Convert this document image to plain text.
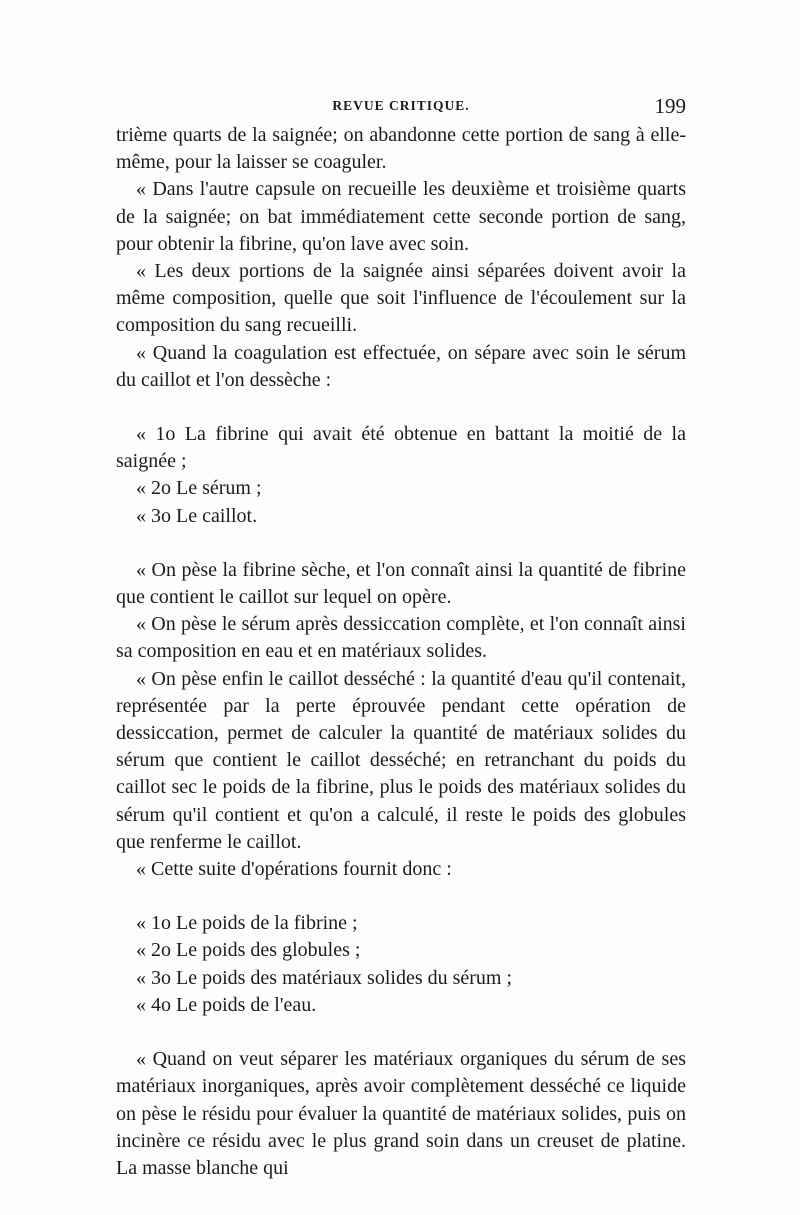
REVUE CRITIQUE.	199

trième quarts de la saignée; on abandonne cette portion de sang à elle-même, pour la laisser se coaguler.

« Dans l'autre capsule on recueille les deuxième et troisième quarts de la saignée; on bat immédiatement cette seconde portion de sang, pour obtenir la fibrine, qu'on lave avec soin.

« Les deux portions de la saignée ainsi séparées doivent avoir la même composition, quelle que soit l'influence de l'écoulement sur la composition du sang recueilli.

« Quand la coagulation est effectuée, on sépare avec soin le sérum du caillot et l'on dessèche :

« 1o La fibrine qui avait été obtenue en battant la moitié de la saignée ;

« 2o Le sérum ;

« 3o Le caillot.

« On pèse la fibrine sèche, et l'on connaît ainsi la quantité de fibrine que contient le caillot sur lequel on opère.

« On pèse le sérum après dessiccation complète, et l'on connaît ainsi sa composition en eau et en matériaux solides.

« On pèse enfin le caillot desséché : la quantité d'eau qu'il contenait, représentée par la perte éprouvée pendant cette opération de dessiccation, permet de calculer la quantité de matériaux solides du sérum que contient le caillot desséché; en retranchant du poids du caillot sec le poids de la fibrine, plus le poids des matériaux solides du sérum qu'il contient et qu'on a calculé, il reste le poids des globules que renferme le caillot.

« Cette suite d'opérations fournit donc :

« 1o Le poids de la fibrine ;

« 2o Le poids des globules ;

« 3o Le poids des matériaux solides du sérum ;

« 4o Le poids de l'eau.

« Quand on veut séparer les matériaux organiques du sérum de ses matériaux inorganiques, après avoir complètement desséché ce liquide on pèse le résidu pour évaluer la quantité de matériaux solides, puis on incinère ce résidu avec le plus grand soin dans un creuset de platine. La masse blanche qui
